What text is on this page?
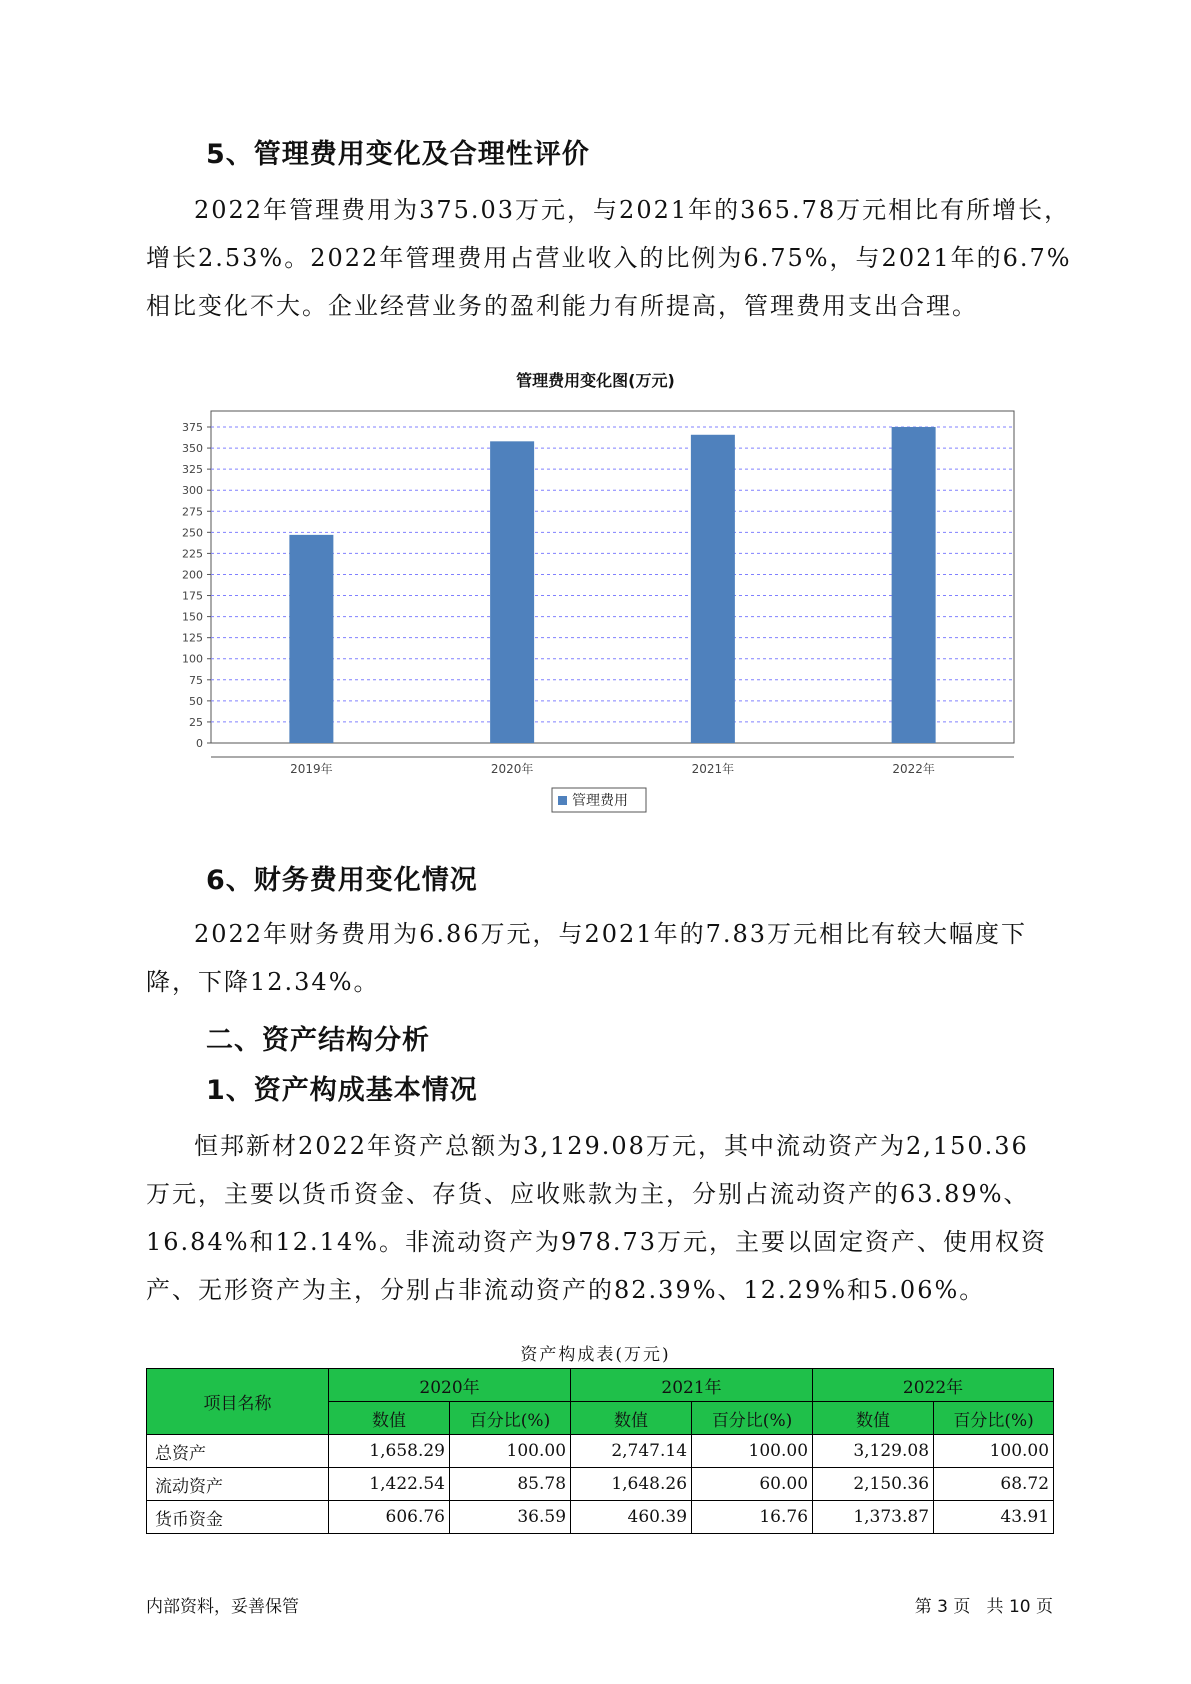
5、管理费用变化及合理性评价
2022年管理费用为375.03万元，与2021年的365.78万元相比有所增长，
增长2.53%。2022年管理费用占营业收入的比例为6.75%，与2021年的6.7%
相比变化不大。企业经营业务的盈利能力有所提高，管理费用支出合理。
管理费用变化图(万元)
0
25
50
75
100
125
150
175
200
225
250
275
300
325
350
375
2019年	2020年	2021年	2022年
管理费用
6、财务费用变化情况
2022年财务费用为6.86万元，与2021年的7.83万元相比有较大幅度下
降，下降12.34%。
二、资产结构分析
1、资产构成基本情况
恒邦新材2022年资产总额为3,129.08万元，其中流动资产为2,150.36
万元，主要以货币资金、存货、应收账款为主，分别占流动资产的63.89%、
16.84%和12.14%。非流动资产为978.73万元，主要以固定资产、使用权资
产、无形资产为主，分别占非流动资产的82.39%、12.29%和5.06%。
资产构成表(万元)
项目名称	2020年		2021年		2022年	
	数值	百分比(%)	数值	百分比(%)	数值	百分比(%)
总资产	1,658.29	100.00	2,747.14	100.00	3,129.08	100.00
流动资产	1,422.54	85.78	1,648.26	60.00	2,150.36	68.72
货币资金	606.76	36.59	460.39	16.76	1,373.87	43.91
内部资料，妥善保管	第 3 页   共 10 页
